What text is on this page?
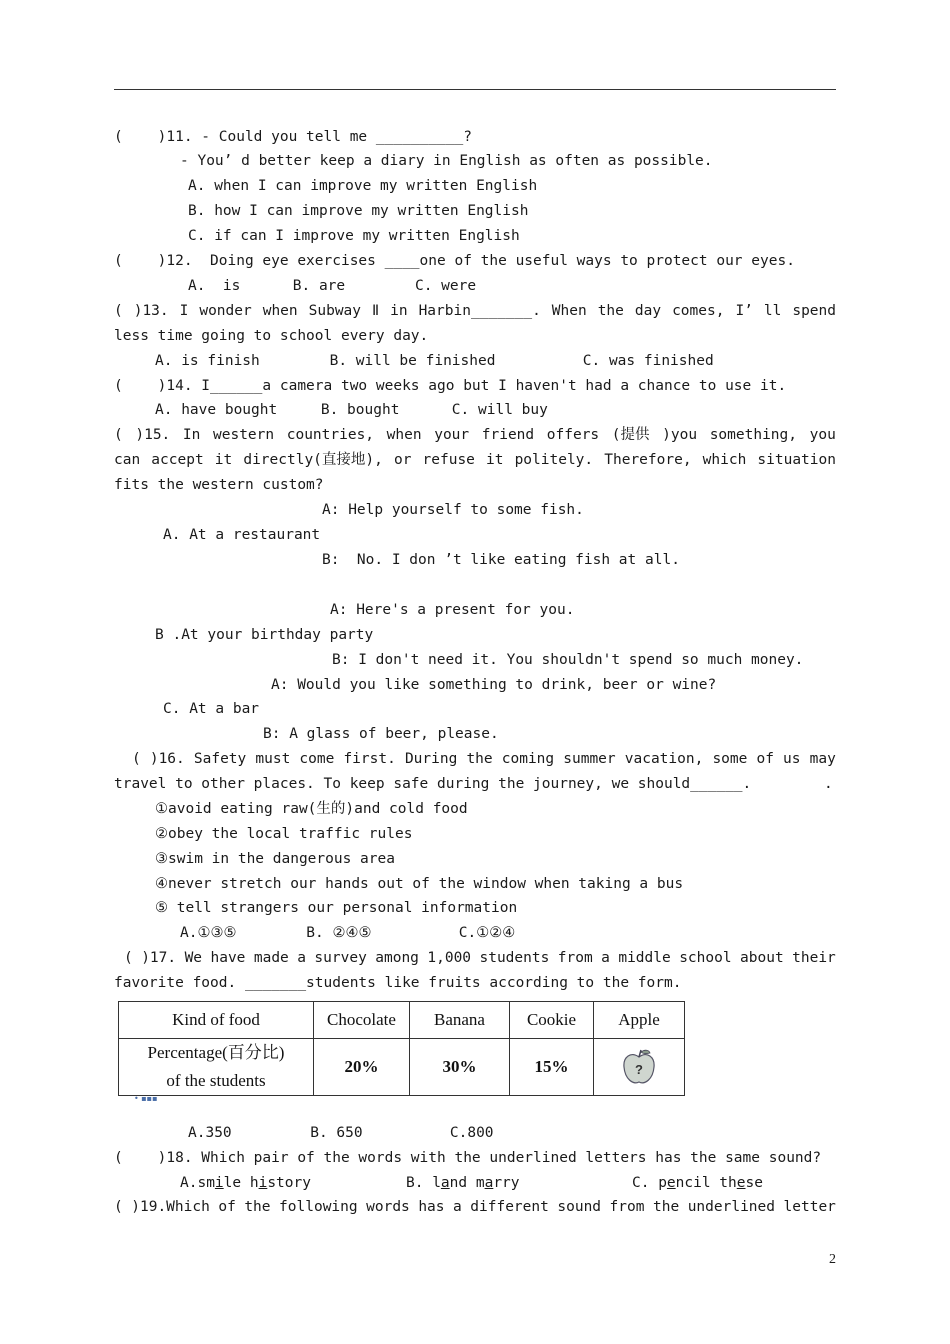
(    )11. - Could you tell me __________?
- You’ d better keep a diary in English as often as possible.
A. when I can improve my written English
B. how I can improve my written English
C. if can I improve my written English
(    )12.  Doing eye exercises ____one of the useful ways to protect our eyes.
A.  is      B. are        C. were
( )13. I wonder when Subway Ⅱ in Harbin_______. When the day comes, I’ ll spend
less time going to school every day.
A. is finish        B. will be finished          C. was finished
(    )14. I______a camera two weeks ago but I haven't had a chance to use it.
A. have bought     B. bought      C. will buy
( )15. In western countries, when your friend offers (提供 )you something, you
can accept it directly(直接地), or refuse it politely. Therefore, which situation
fits the western custom?
A: Help yourself to some fish.
A. At a restaurant
B:  No. I don ’t like eating fish at all.
A: Here's a present for you.
B .At your birthday party
B: I don't need it. You shouldn't spend so much money.
A: Would you like something to drink, beer or wine?
C. At a bar
B: A glass of beer, please.
( )16. Safety must come first. During the coming summer vacation, some of us may
travel to other places. To keep safe during the journey, we should______.	.
①avoid eating raw(生的)and cold food
②obey the local traffic rules
③swim in the dangerous area
④never stretch our hands out of the window when taking a bus
⑤ tell strangers our personal information
A.①③⑤        B. ②④⑤          C.①②④
( )17. We have made a survey among 1,000 students from a middle school about their
favorite food. _______students like fruits according to the form.
Kind of food	Chocolate	Banana	Cookie	Apple

Percentage(百分比)
of the students	20%	30%	15%	?
• ▪▪▪
A.350         B. 650          C.800
(    )18. Which pair of the words with the underlined letters has the same sound?
A.smile history	B. land marry	C. pencil these
( )19.Which of the following words has a different sound from the underlined letter
2
